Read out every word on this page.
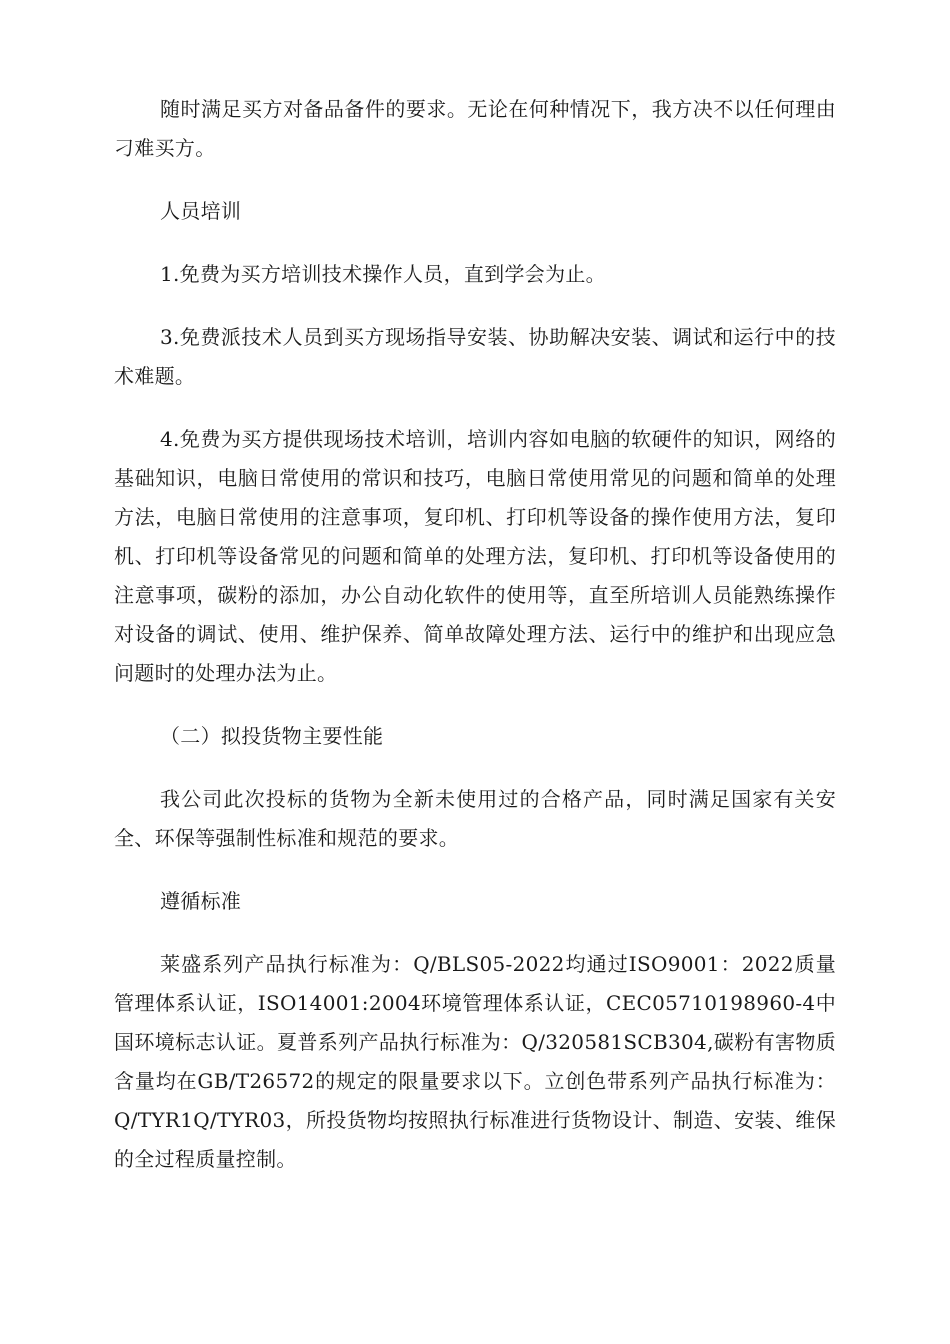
随时满足买方对备品备件的要求。无论在何种情况下，我方决不以任何理由刁难买方。

人员培训

1.免费为买方培训技术操作人员，直到学会为止。

3.免费派技术人员到买方现场指导安装、协助解决安装、调试和运行中的技术难题。

4.免费为买方提供现场技术培训，培训内容如电脑的软硬件的知识，网络的基础知识，电脑日常使用的常识和技巧，电脑日常使用常见的问题和简单的处理方法，电脑日常使用的注意事项，复印机、打印机等设备的操作使用方法，复印机、打印机等设备常见的问题和简单的处理方法，复印机、打印机等设备使用的注意事项，碳粉的添加，办公自动化软件的使用等，直至所培训人员能熟练操作对设备的调试、使用、维护保养、简单故障处理方法、运行中的维护和出现应急问题时的处理办法为止。

（二）拟投货物主要性能

我公司此次投标的货物为全新未使用过的合格产品，同时满足国家有关安全、环保等强制性标准和规范的要求。

遵循标准

莱盛系列产品执行标准为：Q/BLS05-2022均通过ISO9001：2022质量管理体系认证，ISO14001:2004环境管理体系认证，CEC05710198960-4中国环境标志认证。夏普系列产品执行标准为：Q/320581SCB304,碳粉有害物质含量均在GB/T26572的规定的限量要求以下。立创色带系列产品执行标准为：Q/TYR1Q/TYR03，所投货物均按照执行标准进行货物设计、制造、安装、维保的全过程质量控制。
